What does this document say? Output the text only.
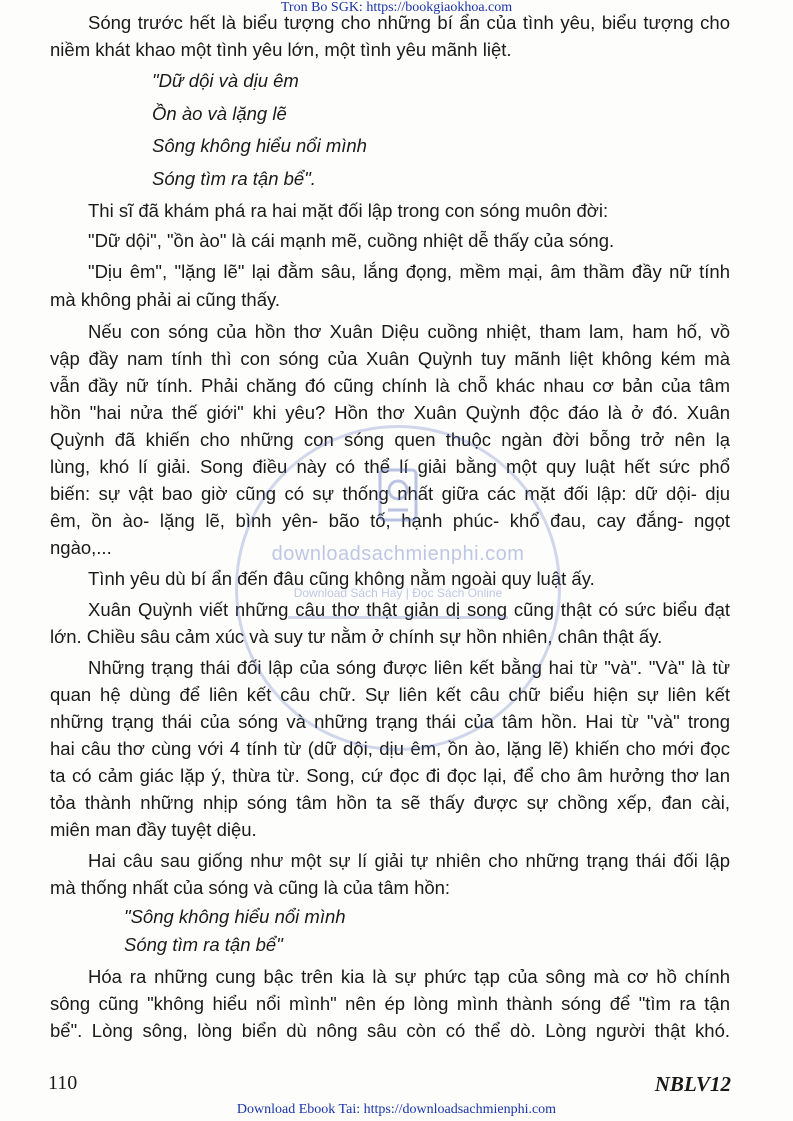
Tron Bo SGK: https://bookgiaokhoa.com
Sóng trước hết là biểu tượng cho những bí ẩn của tình yêu, biểu tượng cho
niềm khát khao một tình yêu lớn, một tình yêu mãnh liệt.
"Dữ dội và dịu êm
Ồn ào và lặng lẽ
Sông không hiểu nổi mình
Sóng tìm ra tận bể".
Thi sĩ đã khám phá ra hai mặt đối lập trong con sóng muôn đời:
"Dữ dội", "ồn ào" là cái mạnh mẽ, cuồng nhiệt dễ thấy của sóng.
"Dịu êm", "lặng lẽ" lại đằm sâu, lắng đọng, mềm mại, âm thầm đầy nữ tính
mà không phải ai cũng thấy.
Nếu con sóng của hồn thơ Xuân Diệu cuồng nhiệt, tham lam, ham hố, vồ
vập đầy nam tính thì con sóng của Xuân Quỳnh tuy mãnh liệt không kém mà
vẫn đầy nữ tính. Phải chăng đó cũng chính là chỗ khác nhau cơ bản của tâm
hồn "hai nửa thế giới" khi yêu? Hồn thơ Xuân Quỳnh độc đáo là ở đó. Xuân
Quỳnh đã khiến cho những con sóng quen thuộc ngàn đời bỗng trở nên lạ
lùng, khó lí giải. Song điều này có thể lí giải bằng một quy luật hết sức phổ
biến: sự vật bao giờ cũng có sự thống nhất giữa các mặt đối lập: dữ dội- dịu
êm, ồn ào- lặng lẽ, bình yên- bão tố, hạnh phúc- khổ đau, cay đắng- ngọt
ngào,...
Tình yêu dù bí ẩn đến đâu cũng không nằm ngoài quy luật ấy.
Xuân Quỳnh viết những câu thơ thật giản dị song cũng thật có sức biểu đạt
lớn. Chiều sâu cảm xúc và suy tư nằm ở chính sự hồn nhiên, chân thật ấy.
Những trạng thái đối lập của sóng được liên kết bằng hai từ "và". "Và" là từ
quan hệ dùng để liên kết câu chữ. Sự liên kết câu chữ biểu hiện sự liên kết
những trạng thái của sóng và những trạng thái của tâm hồn. Hai từ "và" trong
hai câu thơ cùng với 4 tính từ (dữ dội, dịu êm, ồn ào, lặng lẽ) khiến cho mới đọc
ta có cảm giác lặp ý, thừa từ. Song, cứ đọc đi đọc lại, để cho âm hưởng thơ lan
tỏa thành những nhịp sóng tâm hồn ta sẽ thấy được sự chồng xếp, đan cài,
miên man đầy tuyệt diệu.
Hai câu sau giống như một sự lí giải tự nhiên cho những trạng thái đối lập
mà thống nhất của sóng và cũng là của tâm hồn:
"Sông không hiểu nổi mình
Sóng tìm ra tận bể"
Hóa ra những cung bậc trên kia là sự phức tạp của sông mà cơ hồ chính
sông cũng "không hiểu nổi mình" nên ép lòng mình thành sóng để "tìm ra tận
bể". Lòng sông, lòng biển dù nông sâu còn có thể dò. Lòng người thật khó.
downloadsachmienphi.com
Download Sách Hay | Đọc Sách Online
110	NBLV12
Download Ebook Tai: https://downloadsachmienphi.com
